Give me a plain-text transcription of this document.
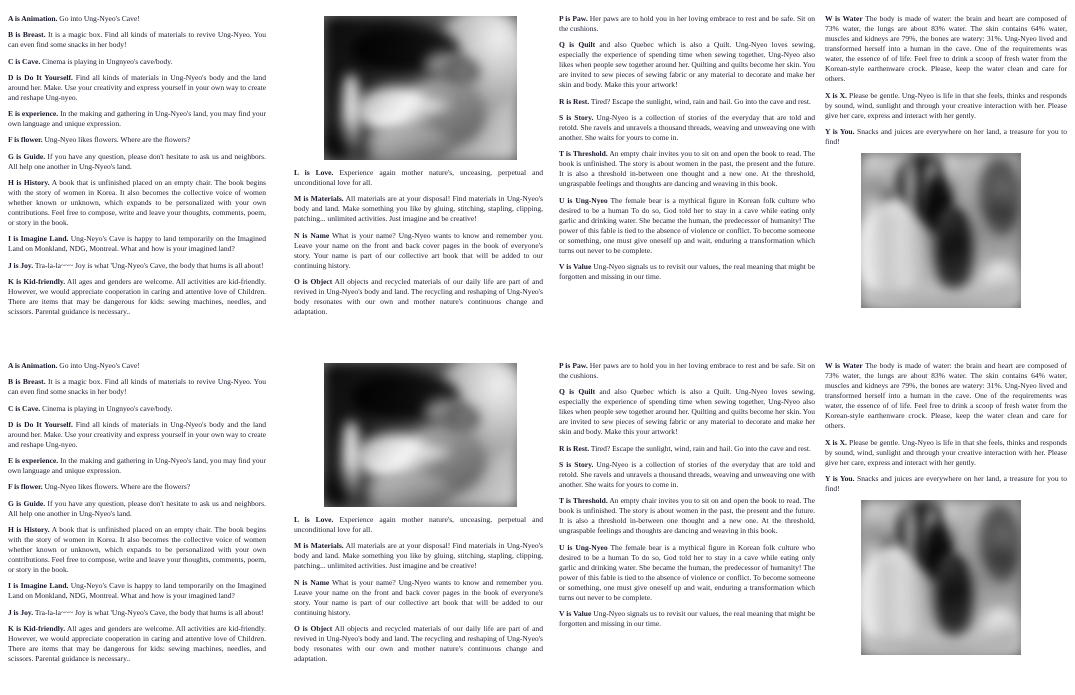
A is Animation. Go into Ung-Nyeo's Cave!

B is Breast. It is a magic box. Find all kinds of materials to revive Ung-Nyeo. You can even find some snacks in her body!

C is Cave. Cinema is playing in Ungnyeo's cave/body.

D is Do It Yourself. Find all kinds of materials in Ung-Nyeo's body and the land around her. Make. Use your creativity and express yourself in your own way to create and reshape Ung-nyeo.

E is experience. In the making and gathering in Ung-Nyeo's land, you may find your own language and unique expression.

F is flower. Ung-Nyeo likes flowers. Where are the flowers?

G is Guide. If you have any question, please don't hesitate to ask us and neighbors. All help one another in Ung-Nyeo's land.

H is History. A book that is unfinished placed on an empty chair. The book begins with the story of women in Korea. It also becomes the collective voice of women whether known or unknown, which expands to be personalized with your own contributions. Feel free to compose, write and leave your thoughts, comments, poem, or story in the book.

I is Imagine Land. Ung-Neyo's Cave is happy to land temporarily on the Imagined Land on Monkland, NDG, Montreal. What and how is your imagined land?

J is Joy. Tra-la-la~~~ Joy is what 'Ung-Nyeo's Cave, the body that hums is all about!

K is Kid-friendly. All ages and genders are welcome. All activities are kid-friendly. However, we would appreciate cooperation in caring and attentive love of Children. There are items that may be dangerous for kids: sewing machines, needles, and scissors. Parental guidance is necessary..

L is Love. Experience again mother nature's, unceasing, perpetual and unconditional love for all.

M is Materials. All materials are at your disposal! Find materials in Ung-Nyeo's body and land. Make something you like by gluing, stitching, stapling, clipping, patching... unlimited activities. Just imagine and be creative!

N is Name What is your name? Ung-Nyeo wants to know and remember you. Leave your name on the front and back cover pages in the book of everyone's story. Your name is part of our collective art book that will be added to our continuing history.

O is Object All objects and recycled materials of our daily life are part of and revived in Ung-Nyeo's body and land. The recycling and reshaping of Ung-Nyeo's body resonates with our own and mother nature's continuous change and adaptation.

P is Paw. Her paws are to hold you in her loving embrace to rest and be safe. Sit on the cushions.

Q is Quilt and also Quebec which is also a Quilt. Ung-Nyeo loves sewing, especially the experience of spending time when sewing together, Ung-Nyeo also likes when people sew together around her. Quilting and quilts become her skin. You are invited to sew pieces of sewing fabric or any material to decorate and make her skin and body. Make this your artwork!

R is Rest. Tired? Escape the sunlight, wind, rain and hail. Go into the cave and rest.

S is Story. Ung-Nyeo is a collection of stories of the everyday that are told and retold. She ravels and unravels a thousand threads, weaving and unweaving one with another. She waits for yours to come in.

T is Threshold. An empty chair invites you to sit on and open the book to read. The book is unfinished. The story is about women in the past, the present and the future. It is also a threshold in-between one thought and a new one. At the threshold, ungraspable feelings and thoughts are dancing and weaving in this book.

U is Ung-Nyeo The female bear is a mythical figure in Korean folk culture who desired to be a human To do so, God told her to stay in a cave while eating only garlic and drinking water. She became the human, the predecessor of humanity! The power of this fable is tied to the absence of violence or conflict. To become someone or something, one must give oneself up and wait, enduring a transformation which turns out never to be complete.

V is Value Ung-Nyeo signals us to revisit our values, the real meaning that might be forgotten and missing in our time.

W is Water The body is made of water: the brain and heart are composed of 73% water, the lungs are about 83% water. The skin contains 64% water, muscles and kidneys are 79%, the bones are watery: 31%. Ung-Nyeo lived and transformed herself into a human in the cave. One of the requirements was water, the essence of of life. Feel free to drink a scoop of fresh water from the Korean-style earthenware crock. Please, keep the water clean and care for others.

X is X. Please be gentle. Ung-Nyeo is life in that she feels, thinks and responds by sound, wind, sunlight and through your creative interaction with her. Please give her care, express and interact with her gently.

Y is You. Snacks and juices are everywhere on her land, a treasure for you to find!

A is Animation. Go into Ung-Nyeo's Cave!

B is Breast. It is a magic box. Find all kinds of materials to revive Ung-Nyeo. You can even find some snacks in her body!

C is Cave. Cinema is playing in Ungnyeo's cave/body.

D is Do It Yourself. Find all kinds of materials in Ung-Nyeo's body and the land around her. Make. Use your creativity and express yourself in your own way to create and reshape Ung-nyeo.

E is experience. In the making and gathering in Ung-Nyeo's land, you may find your own language and unique expression.

F is flower. Ung-Nyeo likes flowers. Where are the flowers?

G is Guide. If you have any question, please don't hesitate to ask us and neighbors. All help one another in Ung-Nyeo's land.

H is History. A book that is unfinished placed on an empty chair. The book begins with the story of women in Korea. It also becomes the collective voice of women whether known or unknown, which expands to be personalized with your own contributions. Feel free to compose, write and leave your thoughts, comments, poem, or story in the book.

I is Imagine Land. Ung-Neyo's Cave is happy to land temporarily on the Imagined Land on Monkland, NDG, Montreal. What and how is your imagined land?

J is Joy. Tra-la-la~~~ Joy is what 'Ung-Nyeo's Cave, the body that hums is all about!

K is Kid-friendly. All ages and genders are welcome. All activities are kid-friendly. However, we would appreciate cooperation in caring and attentive love of Children. There are items that may be dangerous for kids: sewing machines, needles, and scissors. Parental guidance is necessary..

L is Love. Experience again mother nature's, unceasing, perpetual and unconditional love for all.

M is Materials. All materials are at your disposal! Find materials in Ung-Nyeo's body and land. Make something you like by gluing, stitching, stapling, clipping, patching... unlimited activities. Just imagine and be creative!

N is Name What is your name? Ung-Nyeo wants to know and remember you. Leave your name on the front and back cover pages in the book of everyone's story. Your name is part of our collective art book that will be added to our continuing history.

O is Object All objects and recycled materials of our daily life are part of and revived in Ung-Nyeo's body and land. The recycling and reshaping of Ung-Nyeo's body resonates with our own and mother nature's continuous change and adaptation.

P is Paw. Her paws are to hold you in her loving embrace to rest and be safe. Sit on the cushions.

Q is Quilt and also Quebec which is also a Quilt. Ung-Nyeo loves sewing, especially the experience of spending time when sewing together, Ung-Nyeo also likes when people sew together around her. Quilting and quilts become her skin. You are invited to sew pieces of sewing fabric or any material to decorate and make her skin and body. Make this your artwork!

R is Rest. Tired? Escape the sunlight, wind, rain and hail. Go into the cave and rest.

S is Story. Ung-Nyeo is a collection of stories of the everyday that are told and retold. She ravels and unravels a thousand threads, weaving and unweaving one with another. She waits for yours to come in.

T is Threshold. An empty chair invites you to sit on and open the book to read. The book is unfinished. The story is about women in the past, the present and the future. It is also a threshold in-between one thought and a new one. At the threshold, ungraspable feelings and thoughts are dancing and weaving in this book.

U is Ung-Nyeo The female bear is a mythical figure in Korean folk culture who desired to be a human To do so, God told her to stay in a cave while eating only garlic and drinking water. She became the human, the predecessor of humanity! The power of this fable is tied to the absence of violence or conflict. To become someone or something, one must give oneself up and wait, enduring a transformation which turns out never to be complete.

V is Value Ung-Nyeo signals us to revisit our values, the real meaning that might be forgotten and missing in our time.

W is Water The body is made of water: the brain and heart are composed of 73% water, the lungs are about 83% water. The skin contains 64% water, muscles and kidneys are 79%, the bones are watery: 31%. Ung-Nyeo lived and transformed herself into a human in the cave. One of the requirements was water, the essence of of life. Feel free to drink a scoop of fresh water from the Korean-style earthenware crock. Please, keep the water clean and care for others.

X is X. Please be gentle. Ung-Nyeo is life in that she feels, thinks and responds by sound, wind, sunlight and through your creative interaction with her. Please give her care, express and interact with her gently.

Y is You. Snacks and juices are everywhere on her land, a treasure for you to find!
